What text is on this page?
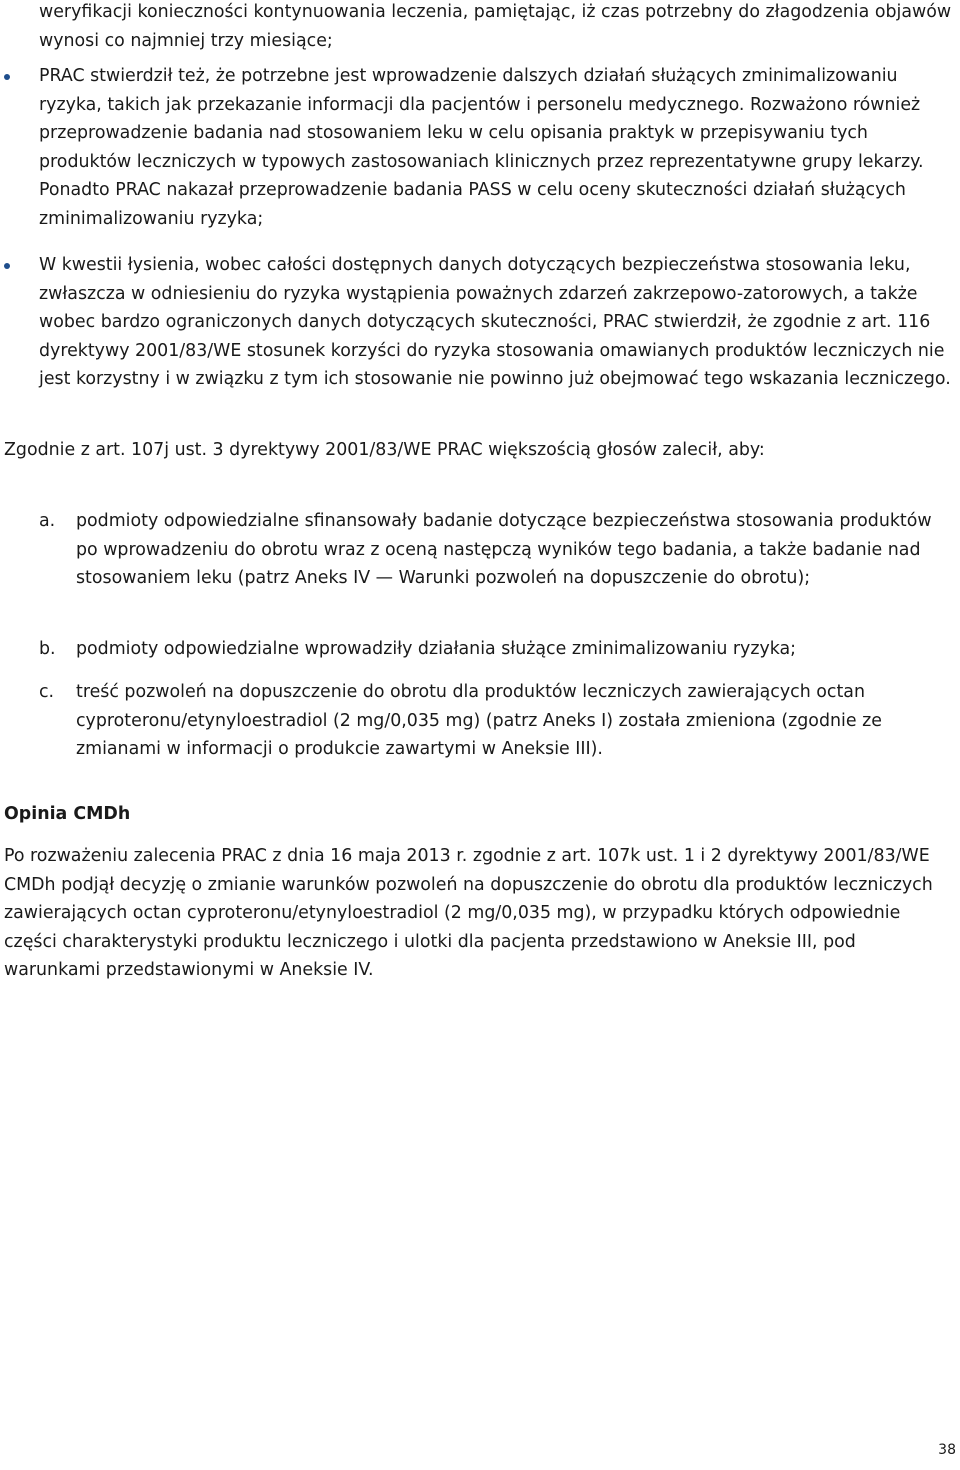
weryfikacji konieczności kontynuowania leczenia, pamiętając, iż czas potrzebny do złagodzenia objawów wynosi co najmniej trzy miesiące;

PRAC stwierdził też, że potrzebne jest wprowadzenie dalszych działań służących zminimalizowaniu ryzyka, takich jak przekazanie informacji dla pacjentów i personelu medycznego. Rozważono również przeprowadzenie badania nad stosowaniem leku w celu opisania praktyk w przepisywaniu tych produktów leczniczych w typowych zastosowaniach klinicznych przez reprezentatywne grupy lekarzy. Ponadto PRAC nakazał przeprowadzenie badania PASS w celu oceny skuteczności działań służących zminimalizowaniu ryzyka;

W kwestii łysienia, wobec całości dostępnych danych dotyczących bezpieczeństwa stosowania leku, zwłaszcza w odniesieniu do ryzyka wystąpienia poważnych zdarzeń zakrzepowo-zatorowych, a także wobec bardzo ograniczonych danych dotyczących skuteczności, PRAC stwierdził, że zgodnie z art. 116 dyrektywy 2001/83/WE stosunek korzyści do ryzyka stosowania omawianych produktów leczniczych nie jest korzystny i w związku z tym ich stosowanie nie powinno już obejmować tego wskazania leczniczego.

Zgodnie z art. 107j ust. 3 dyrektywy 2001/83/WE PRAC większością głosów zalecił, aby:

a. podmioty odpowiedzialne sfinansowały badanie dotyczące bezpieczeństwa stosowania produktów po wprowadzeniu do obrotu wraz z oceną następczą wyników tego badania, a także badanie nad stosowaniem leku (patrz Aneks IV — Warunki pozwoleń na dopuszczenie do obrotu);

b. podmioty odpowiedzialne wprowadziły działania służące zminimalizowaniu ryzyka;

c. treść pozwoleń na dopuszczenie do obrotu dla produktów leczniczych zawierających octan cyproteronu/etynyloestradiol (2 mg/0,035 mg) (patrz Aneks I) została zmieniona (zgodnie ze zmianami w informacji o produkcie zawartymi w Aneksie III).

Opinia CMDh

Po rozważeniu zalecenia PRAC z dnia 16 maja 2013 r. zgodnie z art. 107k ust. 1 i 2 dyrektywy 2001/83/WE CMDh podjął decyzję o zmianie warunków pozwoleń na dopuszczenie do obrotu dla produktów leczniczych zawierających octan cyproteronu/etynyloestradiol (2 mg/0,035 mg), w przypadku których odpowiednie części charakterystyki produktu leczniczego i ulotki dla pacjenta przedstawiono w Aneksie III, pod warunkami przedstawionymi w Aneksie IV.

38
